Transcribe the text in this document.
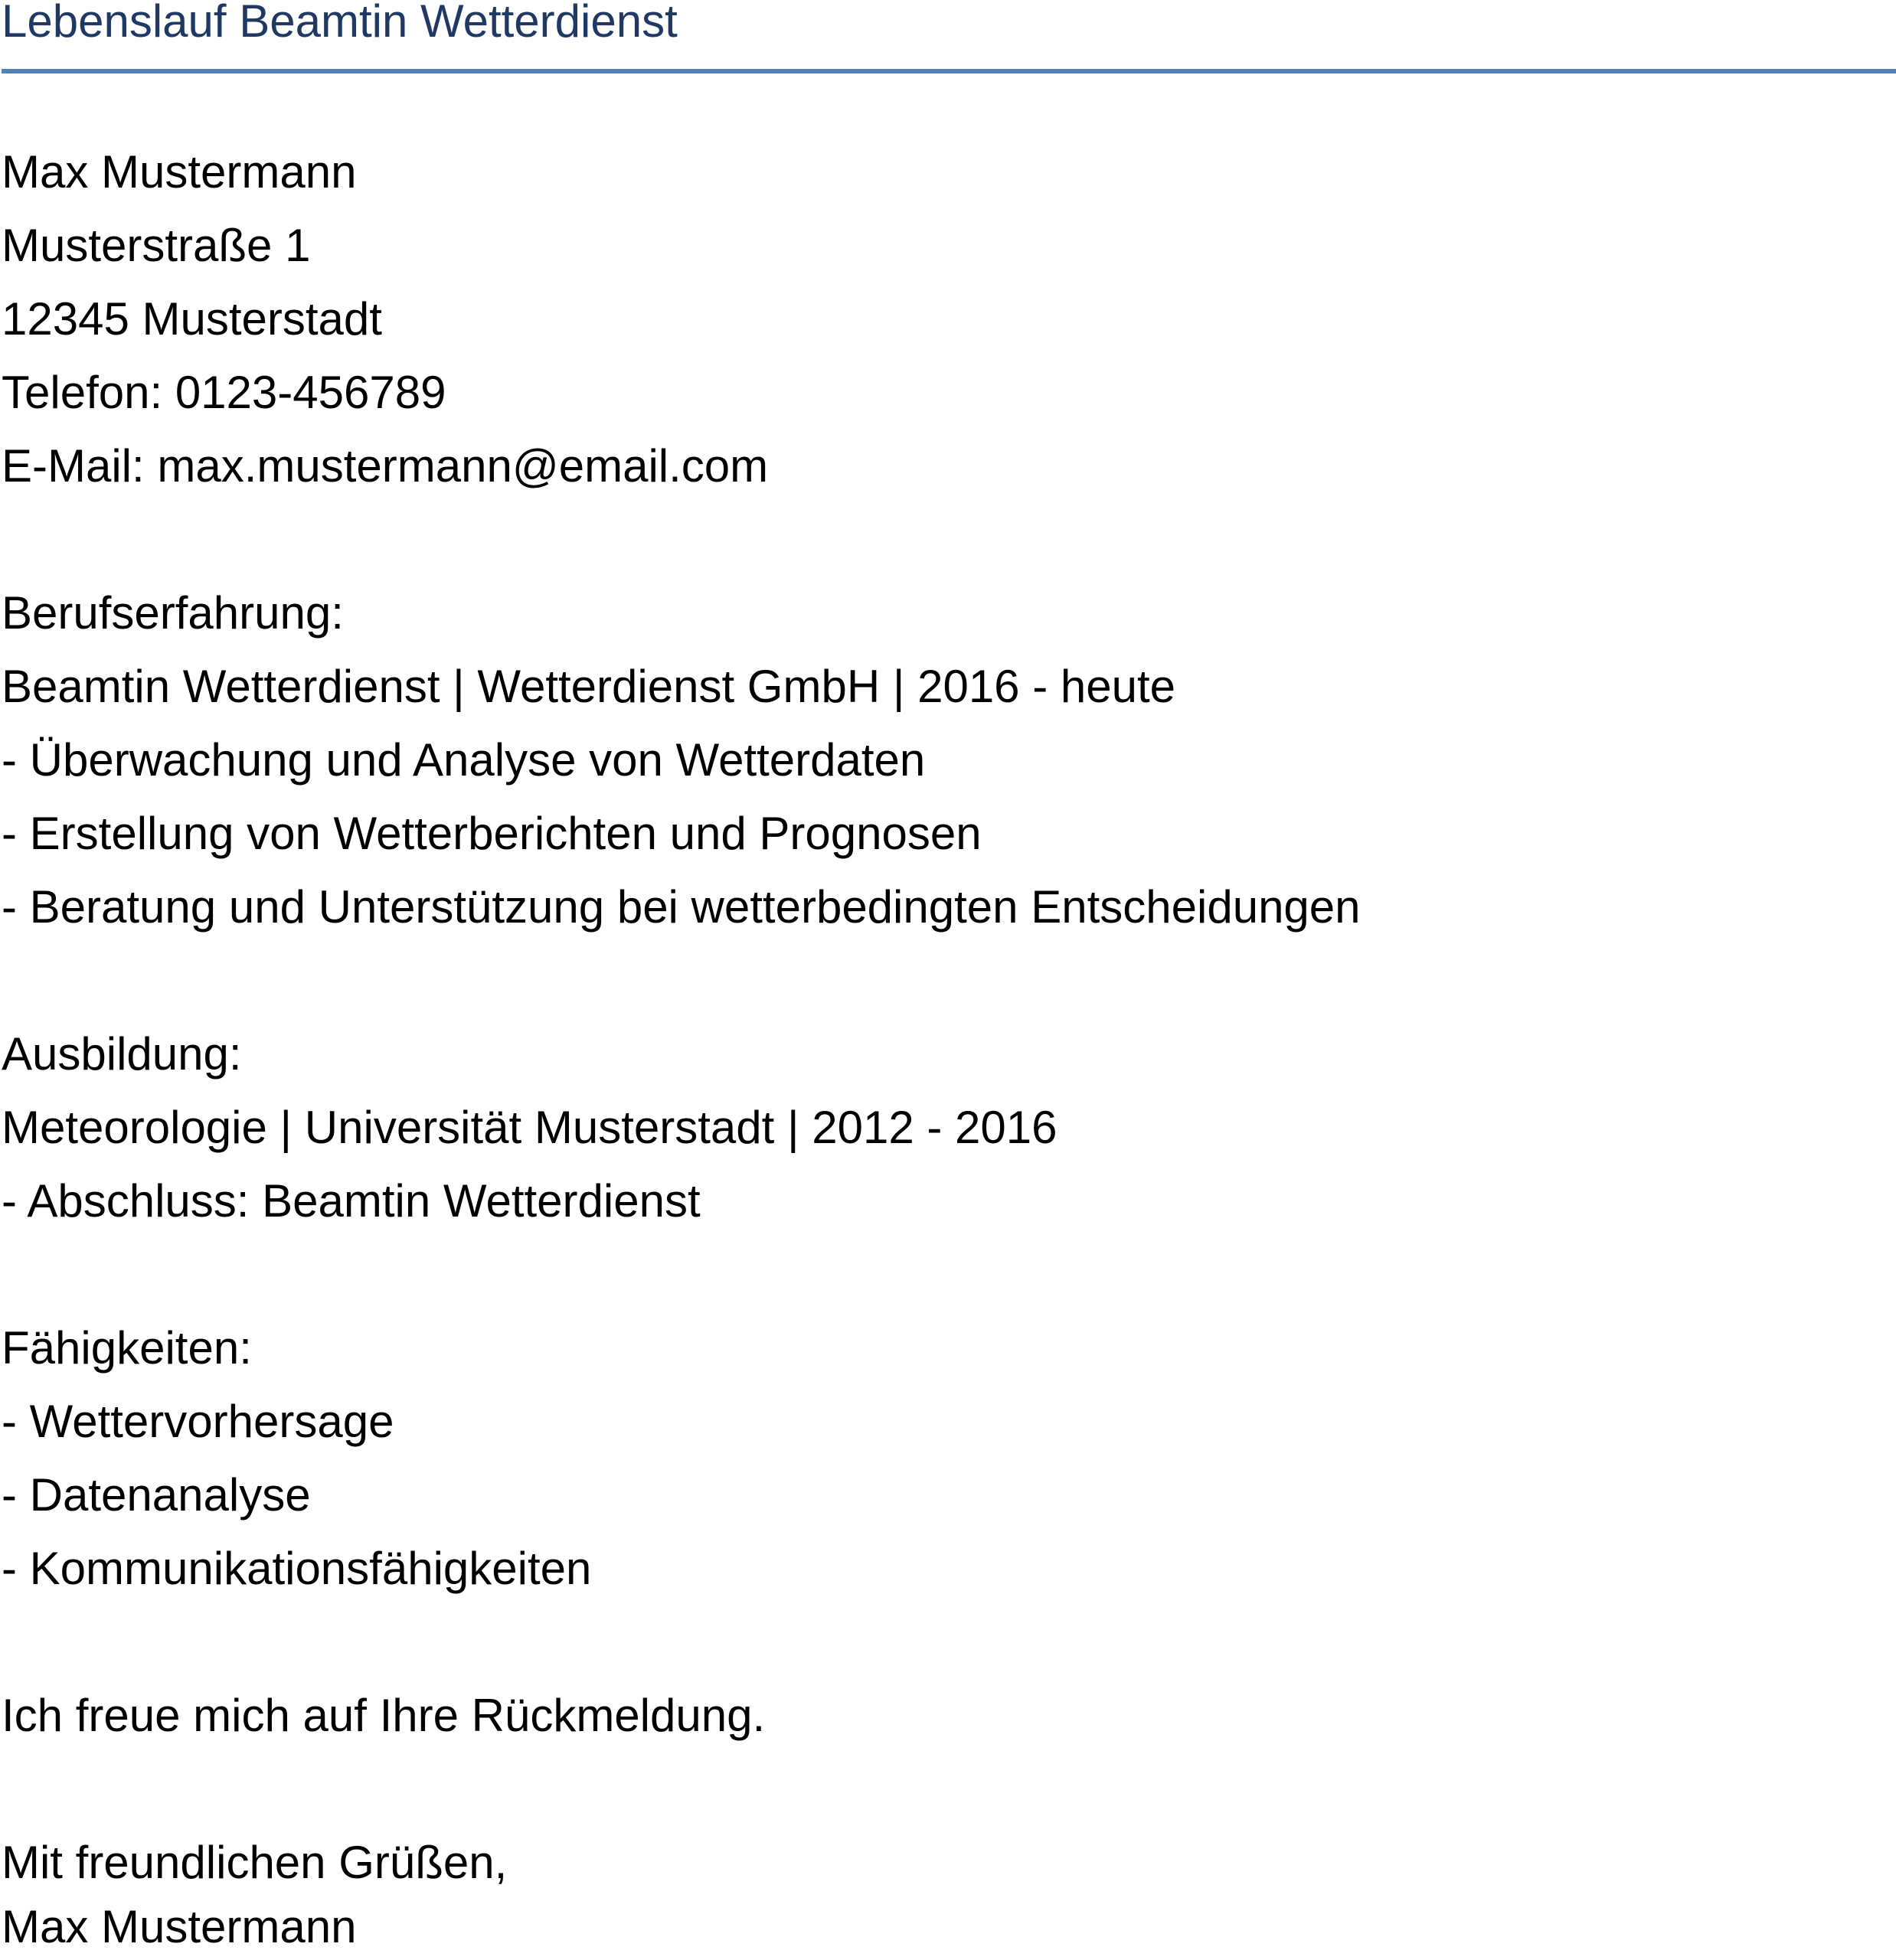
Lebenslauf Beamtin Wetterdienst
Max Mustermann
Musterstraße 1
12345 Musterstadt
Telefon: 0123-456789
E-Mail: max.mustermann@email.com
Berufserfahrung:
Beamtin Wetterdienst | Wetterdienst GmbH | 2016 - heute
- Überwachung und Analyse von Wetterdaten
- Erstellung von Wetterberichten und Prognosen
- Beratung und Unterstützung bei wetterbedingten Entscheidungen
Ausbildung:
Meteorologie | Universität Musterstadt | 2012 - 2016
- Abschluss: Beamtin Wetterdienst
Fähigkeiten:
- Wettervorhersage
- Datenanalyse
- Kommunikationsfähigkeiten
Ich freue mich auf Ihre Rückmeldung.
Mit freundlichen Grüßen,
Max Mustermann
